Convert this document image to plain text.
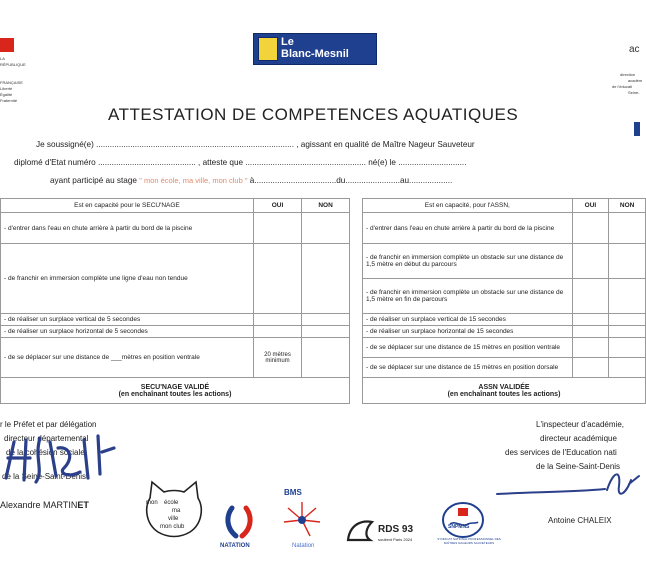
LA
RÉPUBLIQUE
FRANÇAISE
Liberté
Égalité
Fraternité
Le
Blanc-Mesnil	ac
direction
académ
de l'éducati
Seine-
ATTESTATION DE COMPETENCES AQUATIQUES
Je soussigné(e) ....................................................................................... , agissant en qualité de Maître Nageur Sauveteur
diplomé d'Etat numéro ........................................... , atteste que ..................................................... né(e) le ..............................
ayant participé au stage " mon école, ma ville, mon club " à....................................du........................au...................
Est en capacité pour le SECU'NAGE	OUI	NON
- d'entrer dans l'eau en chute arrière à partir du bord de la piscine		
- de franchir en immersion complète une ligne d'eau non tendue		
- de réaliser un surplace vertical de 5 secondes		
- de réaliser un surplace horizontal de 5 secondes		
- de se déplacer sur une distance de ___mètres en position ventrale	20 mètres minimum	

SECU'NAGE VALIDÉ
(en enchaînant toutes les actions)		
Est en capacité, pour l'ASSN,	OUI	NON
- d'entrer dans l'eau en chute arrière à partir du bord de la piscine		
- de franchir en immersion complète un obstacle sur une distance de 1,5 mètre en début du parcours		
- de franchir en immersion complète un obstacle sur une distance de 1,5 mètre en fin de parcours		
- de réaliser un surplace vertical de 15 secondes		
- de réaliser un surplace horizontal de 15 secondes		
- de se déplacer sur une distance de 15 mètres en position ventrale		
- de se déplacer sur une distance de 15 mètres en position dorsale		

ASSN VALIDÉE
(en enchaînant toutes les actions)		
r le Préfet et par délégation
directeur départemental
de la cohésion sociale
de la Seine-Saint-Denis
Alexandre MARTINET
L'inspecteur d'académie,
directeur académique
des services de l'Education nati
de la Seine-Saint-Denis
Antoine CHALEIX
mon école
ma
ville
mon club
NATATION
BMS
Natation
RDS 93
soutient Paris 2024
SNPMNS
SYNDICAT NATIONAL PROFESSIONNEL DES MAÎTRES NAGEURS SAUVETEURS
